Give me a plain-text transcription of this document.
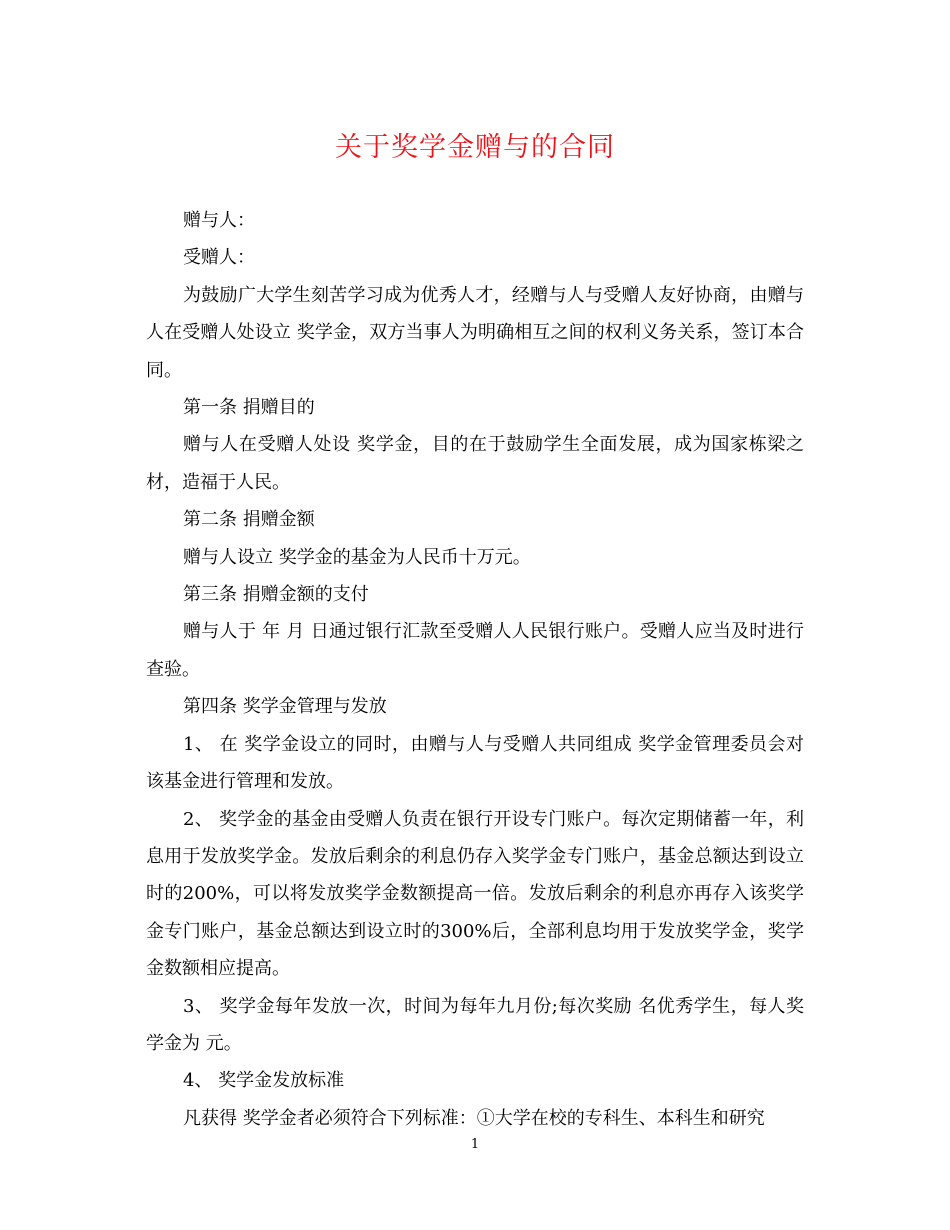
关于奖学金赠与的合同

赠与人：

受赠人：

为鼓励广大学生刻苦学习成为优秀人才，经赠与人与受赠人友好协商，由赠与人在受赠人处设立 奖学金，双方当事人为明确相互之间的权利义务关系，签订本合同。

第一条 捐赠目的

赠与人在受赠人处设 奖学金，目的在于鼓励学生全面发展，成为国家栋梁之材，造福于人民。

第二条 捐赠金额

赠与人设立 奖学金的基金为人民币十万元。

第三条 捐赠金额的支付

赠与人于 年 月 日通过银行汇款至受赠人人民银行账户。受赠人应当及时进行查验。

第四条 奖学金管理与发放

1、 在 奖学金设立的同时，由赠与人与受赠人共同组成 奖学金管理委员会对该基金进行管理和发放。

2、 奖学金的基金由受赠人负责在银行开设专门账户。每次定期储蓄一年，利息用于发放奖学金。发放后剩余的利息仍存入奖学金专门账户，基金总额达到设立时的200%，可以将发放奖学金数额提高一倍。发放后剩余的利息亦再存入该奖学金专门账户，基金总额达到设立时的300%后，全部利息均用于发放奖学金，奖学金数额相应提高。

3、 奖学金每年发放一次，时间为每年九月份;每次奖励 名优秀学生，每人奖学金为 元。

4、 奖学金发放标准

凡获得 奖学金者必须符合下列标准：①大学在校的专科生、本科生和研究

1
